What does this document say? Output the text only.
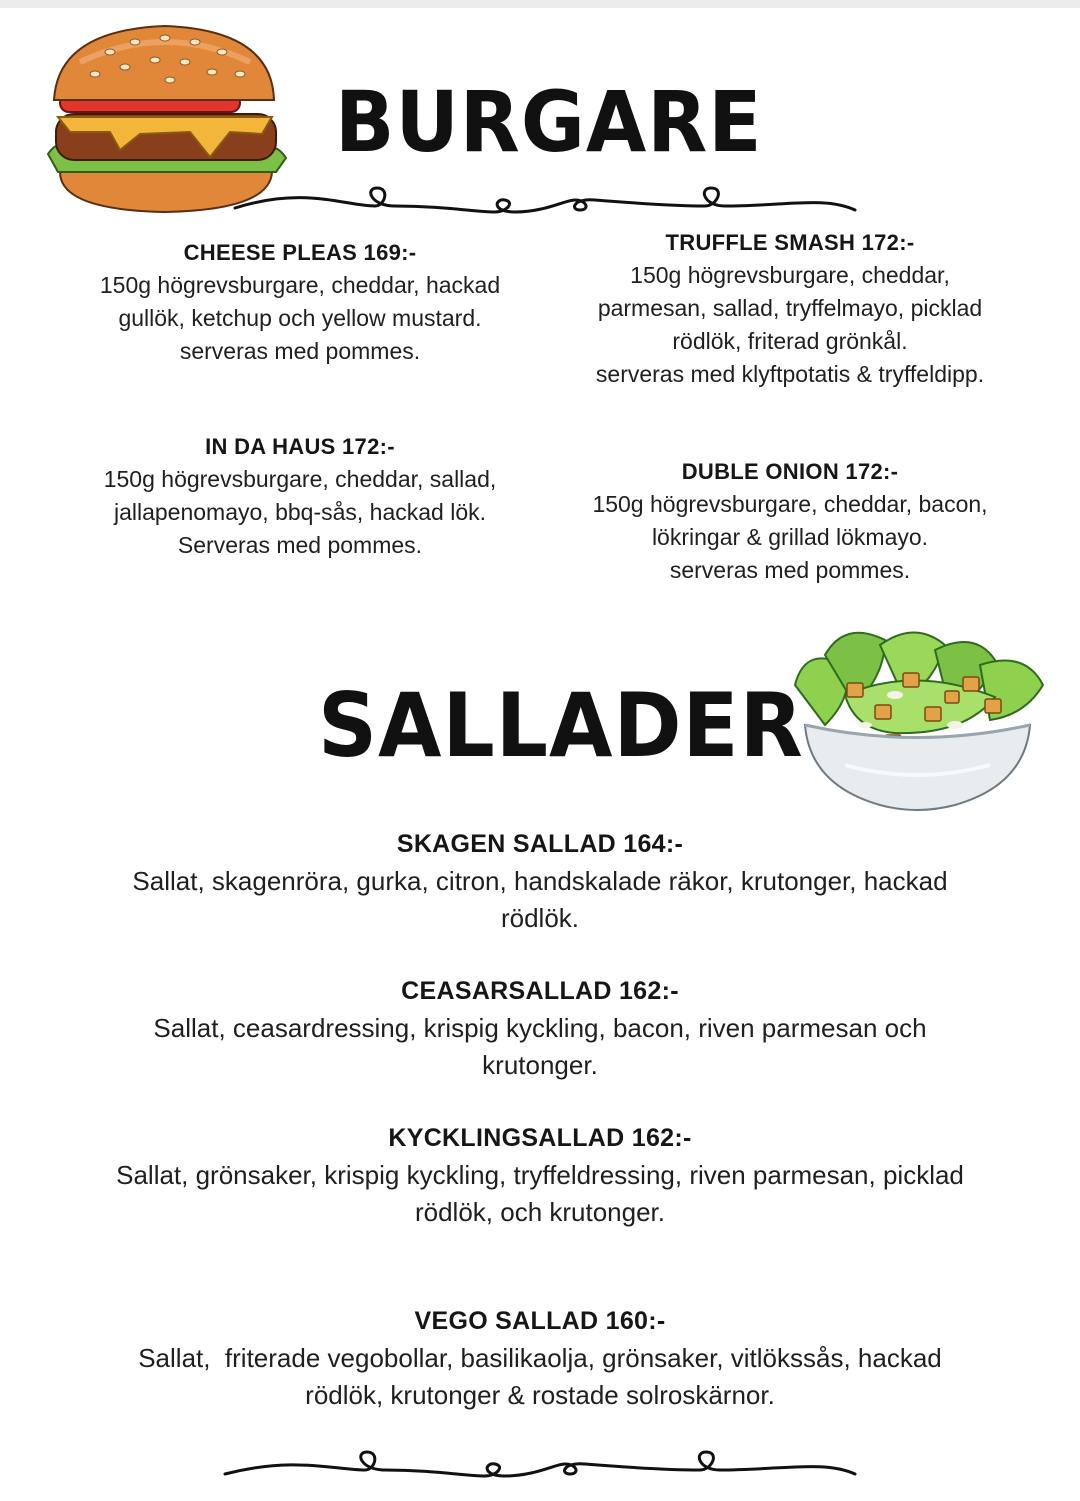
BURGARE
CHEESE PLEAS 169:-
150g högrevsburgare, cheddar, hackad
gullök, ketchup och yellow mustard.
serveras med pommes.
TRUFFLE SMASH 172:-
150g högrevsburgare, cheddar,
parmesan, sallad, tryffelmayo, picklad
rödlök, friterad grönkål.
serveras med klyftpotatis & tryffeldipp.
IN DA HAUS 172:-
150g högrevsburgare, cheddar, sallad,
jallapenomayo, bbq-sås, hackad lök.
Serveras med pommes.
DUBLE ONION 172:-
150g högrevsburgare, cheddar, bacon,
lökringar & grillad lökmayo.
serveras med pommes.
SALLADER
SKAGEN SALLAD 164:-
Sallat, skagenröra, gurka, citron, handskalade räkor, krutonger, hackad
rödlök.
CEASARSALLAD 162:-
Sallat, ceasardressing, krispig kyckling, bacon, riven parmesan och
krutonger.
KYCKLINGSALLAD 162:-
Sallat, grönsaker, krispig kyckling, tryffeldressing, riven parmesan, picklad
rödlök, och krutonger.
VEGO SALLAD 160:-
Sallat,  friterade vegobollar, basilikaolja, grönsaker, vitlökssås, hackad
rödlök, krutonger & rostade solroskärnor.
